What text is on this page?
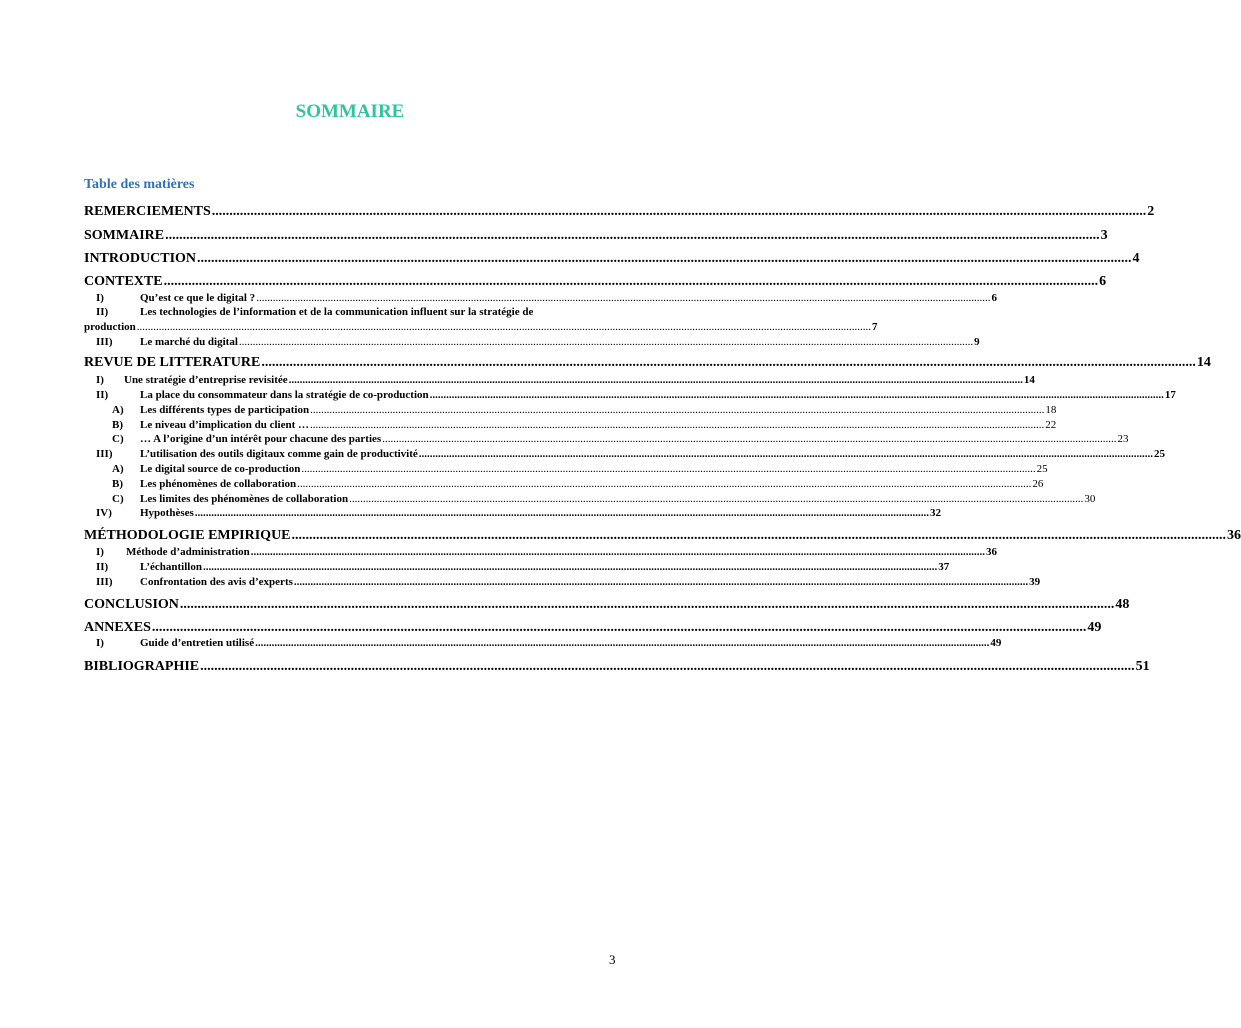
SOMMAIRE
Table des matières
REMERCIEMENTS ........................................................................................................................................................................................................................................................................... 2
SOMMAIRE ........................................................................................................................................................................................................................................................................... 3
INTRODUCTION ........................................................................................................................................................................................................................................................................... 4
CONTEXTE ........................................................................................................................................................................................................................................................................... 6
I)	Qu’est ce que le digital ? ........................................................................................................................................................................................................................................................................... 6
II)	Les technologies de l’information et de la communication influent sur la stratégie de
production ........................................................................................................................................................................................................................................................................... 7
III) Le marché du digital ........................................................................................................................................................................................................................................................................... 9
REVUE DE LITTERATURE ........................................................................................................................................................................................................................................................................... 14
I)	Une stratégie d’entreprise revisitée ........................................................................................................................................................................................................................................................................... 14
II)	La place du consommateur dans la stratégie de co-production ........................................................................................................................................................................................................................................................................... 17
A)	Les différents types de participation ........................................................................................................................................................................................................................................................................... 18
B)	Le niveau d’implication du client … ........................................................................................................................................................................................................................................................................... 22
C)	… A l’origine d’un intérêt pour chacune des parties ........................................................................................................................................................................................................................................................................... 23
III) L’utilisation des outils digitaux comme gain de productivité ........................................................................................................................................................................................................................................................................... 25
A)	Le digital source de co-production ........................................................................................................................................................................................................................................................................... 25
B)	Les phénomènes de collaboration ........................................................................................................................................................................................................................................................................... 26
C)	Les limites des phénomènes de collaboration ........................................................................................................................................................................................................................................................................... 30
IV)	Hypothèses ........................................................................................................................................................................................................................................................................... 32
MÉTHODOLOGIE EMPIRIQUE ........................................................................................................................................................................................................................................................................... 36
I)	Méthode d’administration ........................................................................................................................................................................................................................................................................... 36
II)	L’échantillon ........................................................................................................................................................................................................................................................................... 37
III) Confrontation des avis d’experts ........................................................................................................................................................................................................................................................................... 39
CONCLUSION ........................................................................................................................................................................................................................................................................... 48
ANNEXES ........................................................................................................................................................................................................................................................................... 49
I)	Guide d’entretien utilisé ........................................................................................................................................................................................................................................................................... 49
BIBLIOGRAPHIE ........................................................................................................................................................................................................................................................................... 51
3
